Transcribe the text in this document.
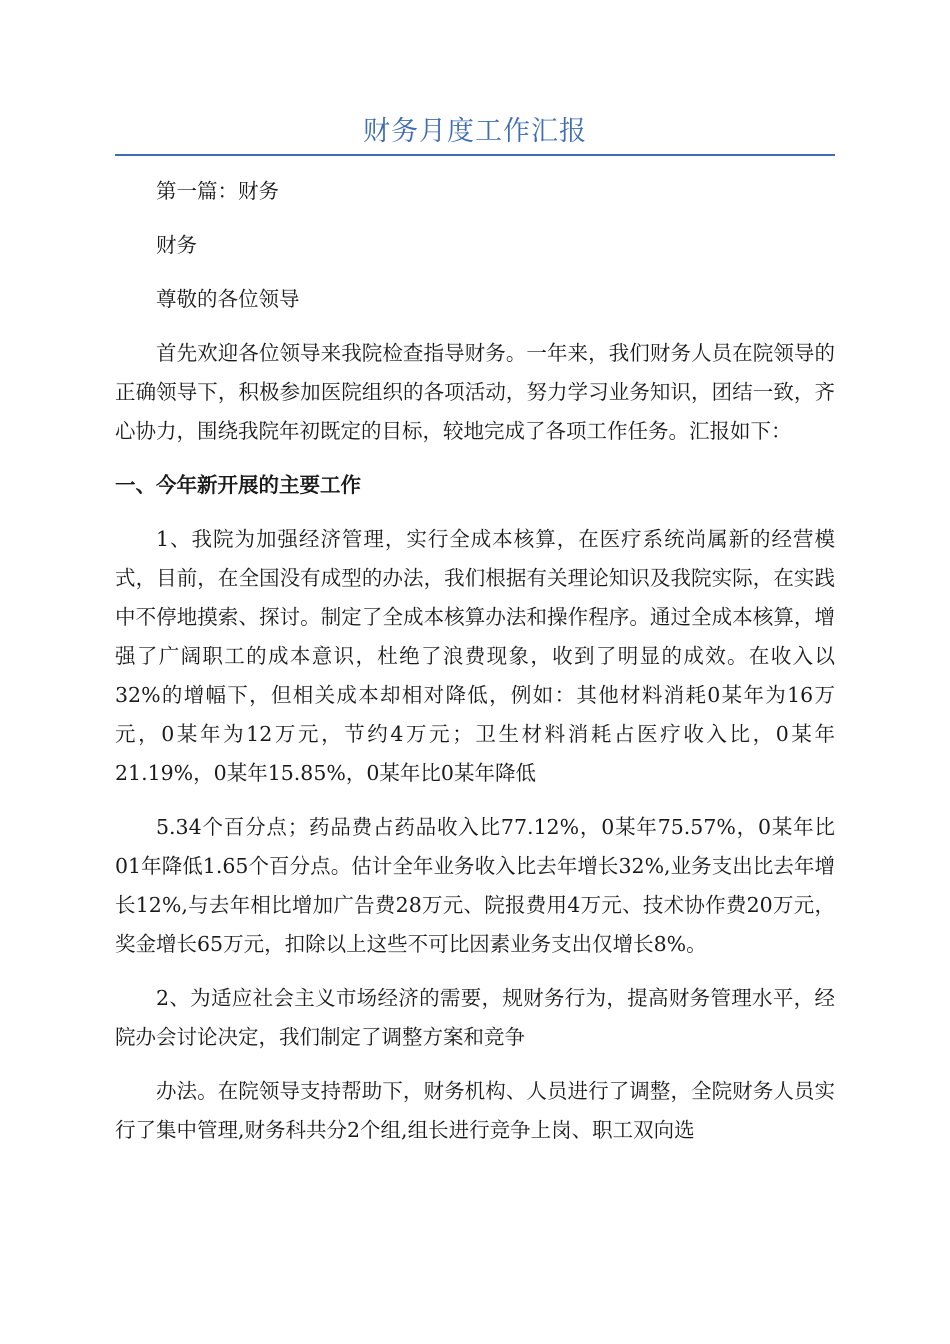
财务月度工作汇报

第一篇：财务

财务

尊敬的各位领导

首先欢迎各位领导来我院检查指导财务。一年来，我们财务人员在院领导的正确领导下，积极参加医院组织的各项活动，努力学习业务知识，团结一致，齐心协力，围绕我院年初既定的目标，较地完成了各项工作任务。汇报如下：

一、今年新开展的主要工作

1、我院为加强经济管理，实行全成本核算，在医疗系统尚属新的经营模式，目前，在全国没有成型的办法，我们根据有关理论知识及我院实际，在实践中不停地摸索、探讨。制定了全成本核算办法和操作程序。通过全成本核算，增强了广阔职工的成本意识，杜绝了浪费现象，收到了明显的成效。在收入以32%的增幅下，但相关成本却相对降低，例如：其他材料消耗0某年为16万元，0某年为12万元，节约4万元；卫生材料消耗占医疗收入比，0某年21.19%，0某年15.85%，0某年比0某年降低

5.34个百分点；药品费占药品收入比77.12%，0某年75.57%，0某年比01年降低1.65个百分点。估计全年业务收入比去年增长32%,业务支出比去年增长12%,与去年相比增加广告费28万元、院报费用4万元、技术协作费20万元，奖金增长65万元，扣除以上这些不可比因素业务支出仅增长8%。

2、为适应社会主义市场经济的需要，规财务行为，提高财务管理水平，经院办会讨论决定，我们制定了调整方案和竞争

办法。在院领导支持帮助下，财务机构、人员进行了调整，全院财务人员实行了集中管理,财务科共分2个组,组长进行竞争上岗、职工双向选
